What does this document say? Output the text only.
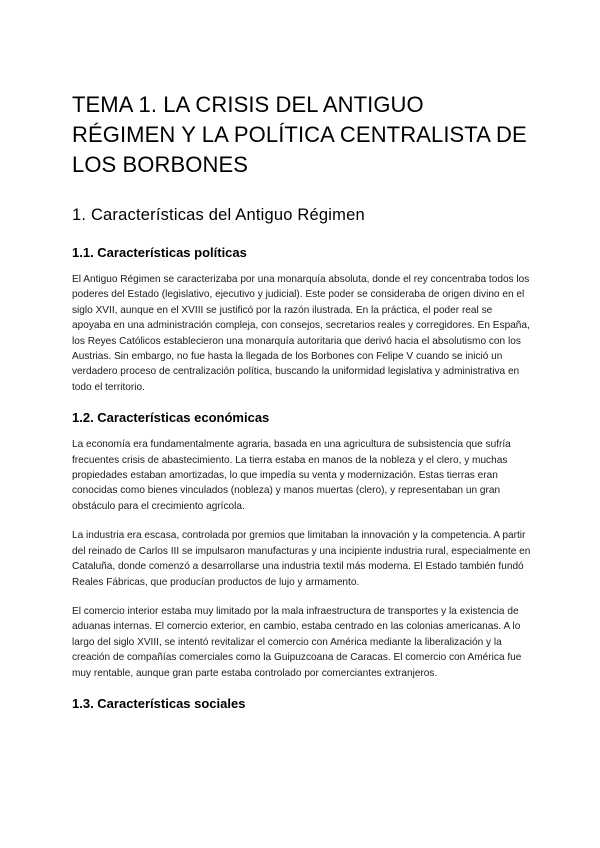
TEMA 1. LA CRISIS DEL ANTIGUO RÉGIMEN Y LA POLÍTICA CENTRALISTA DE LOS BORBONES
1. Características del Antiguo Régimen
1.1. Características políticas

El Antiguo Régimen se caracterizaba por una monarquía absoluta, donde el rey concentraba todos los poderes del Estado (legislativo, ejecutivo y judicial). Este poder se consideraba de origen divino en el siglo XVII, aunque en el XVIII se justificó por la razón ilustrada. En la práctica, el poder real se apoyaba en una administración compleja, con consejos, secretarios reales y corregidores. En España, los Reyes Católicos establecieron una monarquía autoritaria que derivó hacia el absolutismo con los Austrias. Sin embargo, no fue hasta la llegada de los Borbones con Felipe V cuando se inició un verdadero proceso de centralización política, buscando la uniformidad legislativa y administrativa en todo el territorio.

1.2. Características económicas

La economía era fundamentalmente agraria, basada en una agricultura de subsistencia que sufría frecuentes crisis de abastecimiento. La tierra estaba en manos de la nobleza y el clero, y muchas propiedades estaban amortizadas, lo que impedía su venta y modernización. Estas tierras eran conocidas como bienes vinculados (nobleza) y manos muertas (clero), y representaban un gran obstáculo para el crecimiento agrícola.

La industria era escasa, controlada por gremios que limitaban la innovación y la competencia. A partir del reinado de Carlos III se impulsaron manufacturas y una incipiente industria rural, especialmente en Cataluña, donde comenzó a desarrollarse una industria textil más moderna. El Estado también fundó Reales Fábricas, que producían productos de lujo y armamento.

El comercio interior estaba muy limitado por la mala infraestructura de transportes y la existencia de aduanas internas. El comercio exterior, en cambio, estaba centrado en las colonias americanas. A lo largo del siglo XVIII, se intentó revitalizar el comercio con América mediante la liberalización y la creación de compañías comerciales como la Guipuzcoana de Caracas. El comercio con América fue muy rentable, aunque gran parte estaba controlado por comerciantes extranjeros.

1.3. Características sociales
